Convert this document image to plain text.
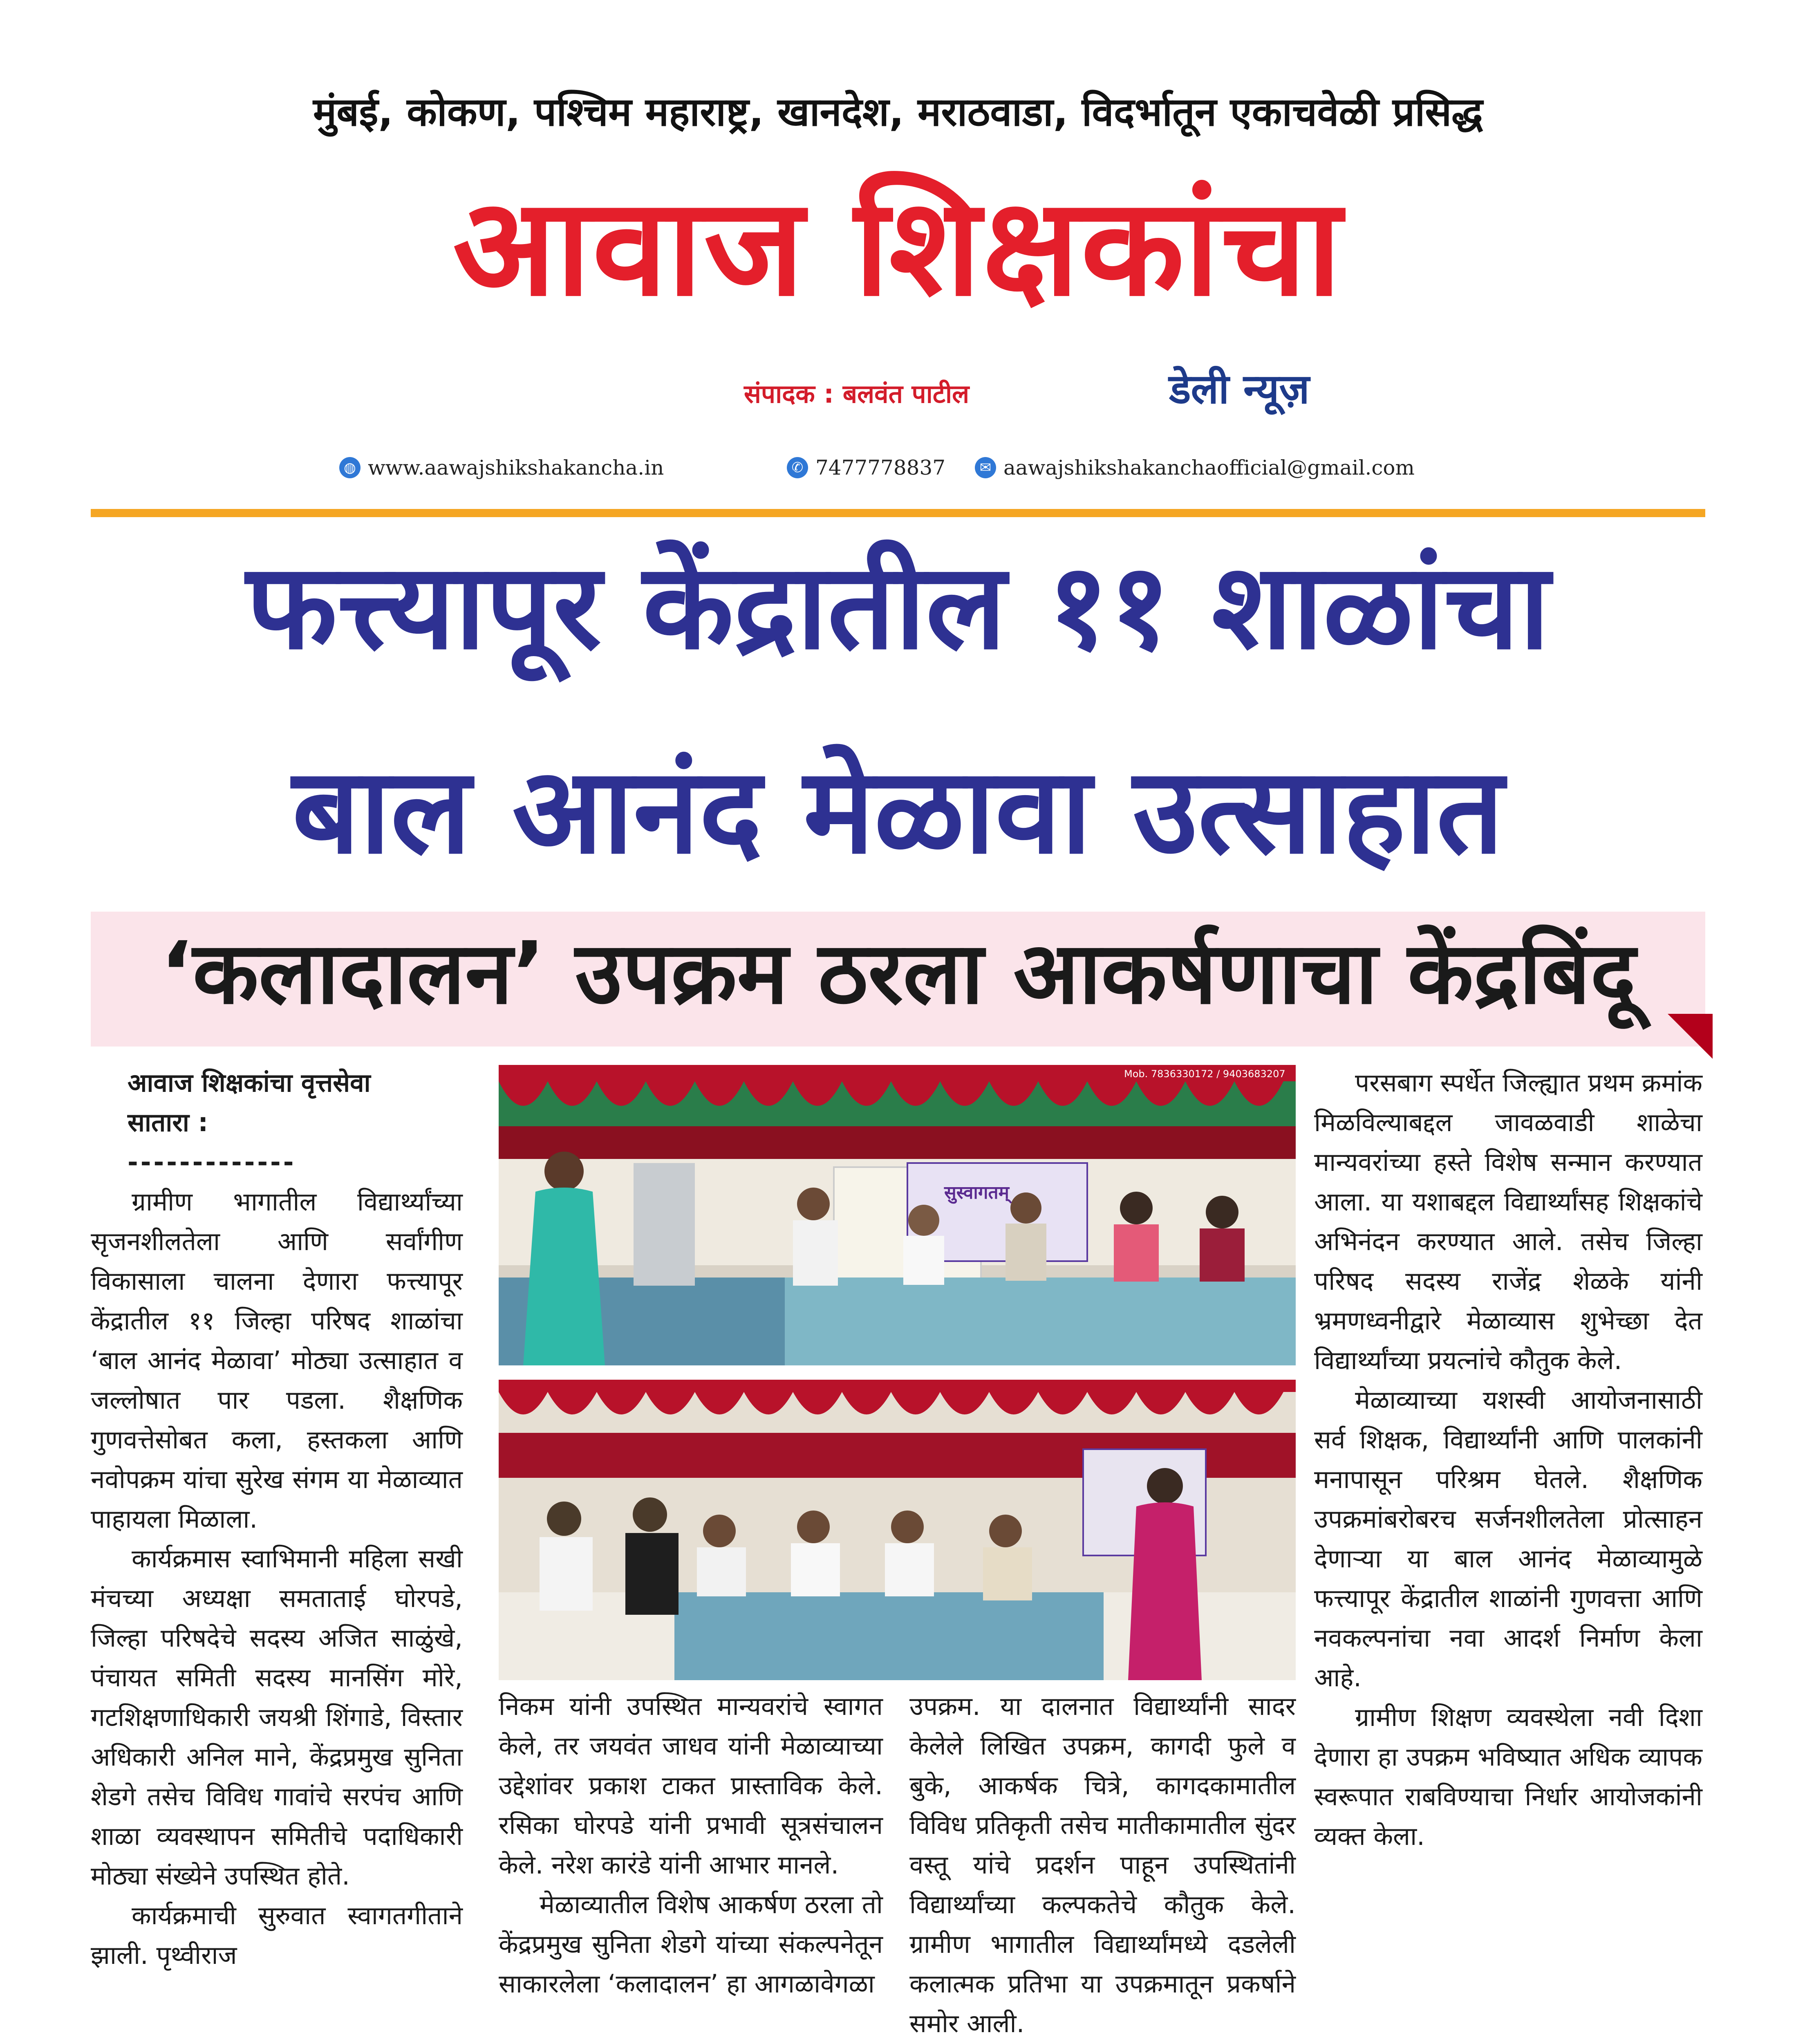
मुंबई, कोकण, पश्चिम महाराष्ट्र, खानदेश, मराठवाडा, विदर्भातून एकाचवेळी प्रसिद्ध
आवाज शिक्षकांचा
संपादक : बलवंत पाटील	डेली न्यूज़
◍ www.aawajshikshakancha.in	✆ 7477778837	✉ aawajshikshakanchaofficial@gmail.com
फत्त्यापूर केंद्रातील ११ शाळांचा
बाल आनंद मेळावा उत्साहात
‘कलादालन’ उपक्रम ठरला आकर्षणाचा केंद्रबिंदू
आवाज शिक्षकांचा वृत्तसेवा
सातारा :
-------------

ग्रामीण भागातील विद्यार्थ्यांच्या सृजनशीलतेला आणि सर्वांगीण विकासाला चालना देणारा फत्त्यापूर केंद्रातील ११ जिल्हा परिषद शाळांचा ‘बाल आनंद मेळावा’ मोठ्या उत्साहात व जल्लोषात पार पडला. शैक्षणिक गुणवत्तेसोबत कला, हस्तकला आणि नवोपक्रम यांचा सुरेख संगम या मेळाव्यात पाहायला मिळाला.

कार्यक्रमास स्वाभिमानी महिला सखी मंचच्या अध्यक्षा समताताई घोरपडे, जिल्हा परिषदेचे सदस्य अजित साळुंखे, पंचायत समिती सदस्य मानसिंग मोरे, गटशिक्षणाधिकारी जयश्री शिंगाडे, विस्तार अधिकारी अनिल माने, केंद्रप्रमुख सुनिता शेडगे तसेच विविध गावांचे सरपंच आणि शाळा व्यवस्थापन समितीचे पदाधिकारी मोठ्या संख्येने उपस्थित होते.

कार्यक्रमाची सुरुवात स्वागतगीताने झाली. पृथ्वीराज

सुस्वागतम्
Mob. 7836330172 / 9403683207

निकम यांनी उपस्थित मान्यवरांचे स्वागत केले, तर जयवंत जाधव यांनी मेळाव्याच्या उद्देशांवर प्रकाश टाकत प्रास्ताविक केले. रसिका घोरपडे यांनी प्रभावी सूत्रसंचालन केले. नरेश कारंडे यांनी आभार मानले.

मेळाव्यातील विशेष आकर्षण ठरला तो केंद्रप्रमुख सुनिता शेडगे यांच्या संकल्पनेतून साकारलेला ‘कलादालन’ हा आगळावेगळा

उपक्रम. या दालनात विद्यार्थ्यांनी सादर केलेले लिखित उपक्रम, कागदी फुले व बुके, आकर्षक चित्रे, कागदकामातील विविध प्रतिकृती तसेच मातीकामातील सुंदर वस्तू यांचे प्रदर्शन पाहून उपस्थितांनी विद्यार्थ्यांच्या कल्पकतेचे कौतुक केले. ग्रामीण भागातील विद्यार्थ्यांमध्ये दडलेली कलात्मक प्रतिभा या उपक्रमातून प्रकर्षाने समोर आली.

परसबाग स्पर्धेत जिल्ह्यात प्रथम क्रमांक मिळविल्याबद्दल जावळवाडी शाळेचा मान्यवरांच्या हस्ते विशेष सन्मान करण्यात आला. या यशाबद्दल विद्यार्थ्यांसह शिक्षकांचे अभिनंदन करण्यात आले. तसेच जिल्हा परिषद सदस्य राजेंद्र शेळके यांनी भ्रमणध्वनीद्वारे मेळाव्यास शुभेच्छा देत विद्यार्थ्यांच्या प्रयत्नांचे कौतुक केले.

मेळाव्याच्या यशस्वी आयोजनासाठी सर्व शिक्षक, विद्यार्थ्यांनी आणि पालकांनी मनापासून परिश्रम घेतले. शैक्षणिक उपक्रमांबरोबरच सर्जनशीलतेला प्रोत्साहन देणाऱ्या या बाल आनंद मेळाव्यामुळे फत्त्यापूर केंद्रातील शाळांनी गुणवत्ता आणि नवकल्पनांचा नवा आदर्श निर्माण केला आहे.

ग्रामीण शिक्षण व्यवस्थेला नवी दिशा देणारा हा उपक्रम भविष्यात अधिक व्यापक स्वरूपात राबविण्याचा निर्धार आयोजकांनी व्यक्त केला.
